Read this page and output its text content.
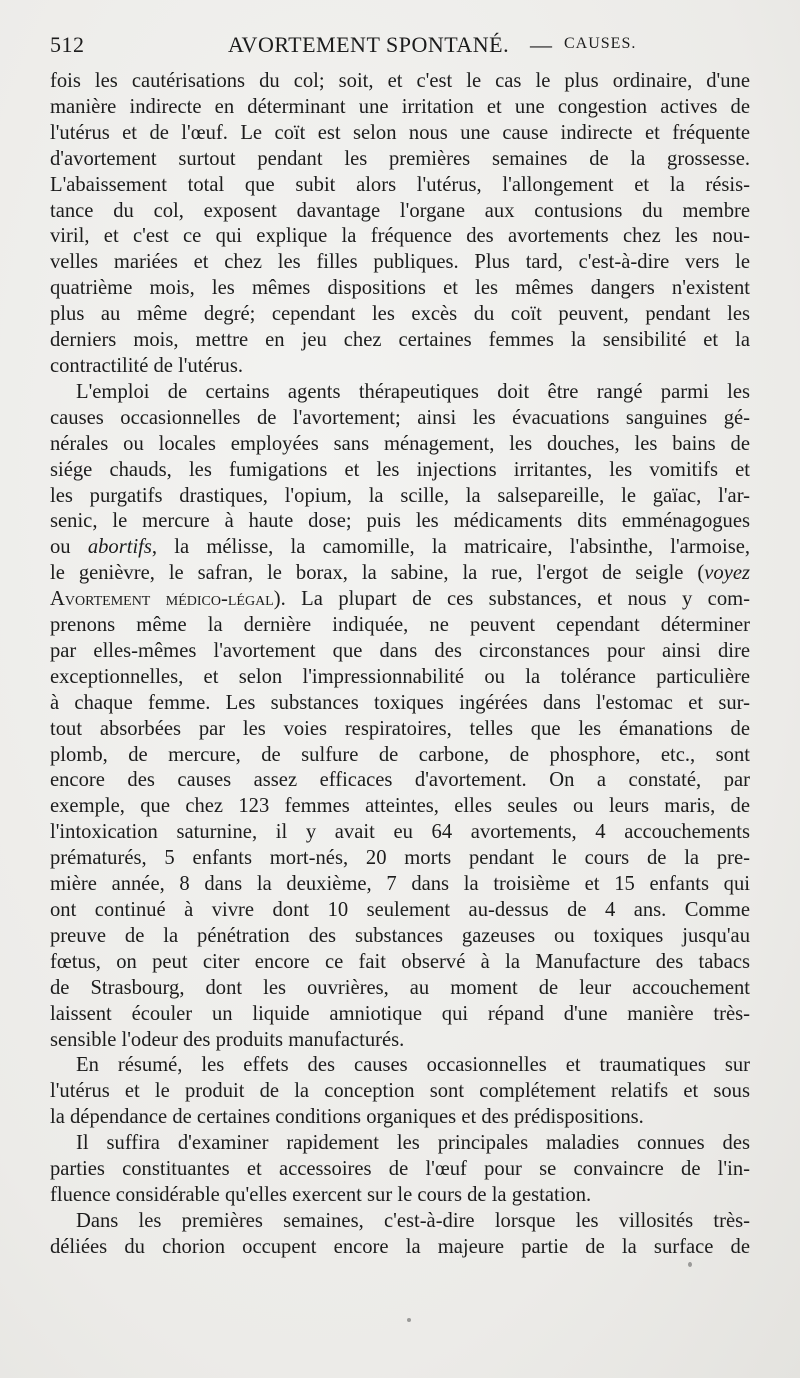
512	AVORTEMENT SPONTANÉ. — CAUSES.

fois les cautérisations du col; soit, et c'est le cas le plus ordinaire, d'une

manière indirecte en déterminant une irritation et une congestion actives de

l'utérus et de l'œuf. Le coït est selon nous une cause indirecte et fréquente

d'avortement surtout pendant les premières semaines de la grossesse.

L'abaissement total que subit alors l'utérus, l'allongement et la résis-

tance du col, exposent davantage l'organe aux contusions du membre

viril, et c'est ce qui explique la fréquence des avortements chez les nou-

velles mariées et chez les filles publiques. Plus tard, c'est-à-dire vers le

quatrième mois, les mêmes dispositions et les mêmes dangers n'existent

plus au même degré; cependant les excès du coït peuvent, pendant les

derniers mois, mettre en jeu chez certaines femmes la sensibilité et la

contractilité de l'utérus.

L'emploi de certains agents thérapeutiques doit être rangé parmi les

causes occasionnelles de l'avortement; ainsi les évacuations sanguines gé-

nérales ou locales employées sans ménagement, les douches, les bains de

siége chauds, les fumigations et les injections irritantes, les vomitifs et

les purgatifs drastiques, l'opium, la scille, la salsepareille, le gaïac, l'ar-

senic, le mercure à haute dose; puis les médicaments dits emménagogues

ou abortifs, la mélisse, la camomille, la matricaire, l'absinthe, l'armoise,

le genièvre, le safran, le borax, la sabine, la rue, l'ergot de seigle (voyez

Avortement médico-légal). La plupart de ces substances, et nous y com-

prenons même la dernière indiquée, ne peuvent cependant déterminer

par elles-mêmes l'avortement que dans des circonstances pour ainsi dire

exceptionnelles, et selon l'impressionnabilité ou la tolérance particulière

à chaque femme. Les substances toxiques ingérées dans l'estomac et sur-

tout absorbées par les voies respiratoires, telles que les émanations de

plomb, de mercure, de sulfure de carbone, de phosphore, etc., sont

encore des causes assez efficaces d'avortement. On a constaté, par

exemple, que chez 123 femmes atteintes, elles seules ou leurs maris, de

l'intoxication saturnine, il y avait eu 64 avortements, 4 accouchements

prématurés, 5 enfants mort-nés, 20 morts pendant le cours de la pre-

mière année, 8 dans la deuxième, 7 dans la troisième et 15 enfants qui

ont continué à vivre dont 10 seulement au-dessus de 4 ans. Comme

preuve de la pénétration des substances gazeuses ou toxiques jusqu'au

fœtus, on peut citer encore ce fait observé à la Manufacture des tabacs

de Strasbourg, dont les ouvrières, au moment de leur accouchement

laissent écouler un liquide amniotique qui répand d'une manière très-

sensible l'odeur des produits manufacturés.

En résumé, les effets des causes occasionnelles et traumatiques sur

l'utérus et le produit de la conception sont complétement relatifs et sous

la dépendance de certaines conditions organiques et des prédispositions.

Il suffira d'examiner rapidement les principales maladies connues des

parties constituantes et accessoires de l'œuf pour se convaincre de l'in-

fluence considérable qu'elles exercent sur le cours de la gestation.

Dans les premières semaines, c'est-à-dire lorsque les villosités très-

déliées du chorion occupent encore la majeure partie de la surface de
